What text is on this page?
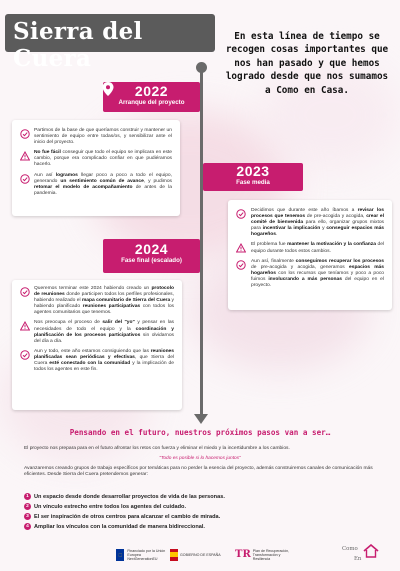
Sierra del Cuera
En esta línea de tiempo se recogen cosas importantes que nos han pasado y que hemos logrado desde que nos sumamos a Como en Casa.
2022
Arranque del proyecto
Partimos de la base de que queríamos construir y mantener un sentimiento de equipo entre todas/os, y sensibilizar ante el inicio del proyecto.
No fue fácil conseguir que todo el equipo se implicara en este cambio, porque era complicado confiar en que pudiéramos hacerlo.
Aun así logramos llegar poco a poco a todo el equipo, generando un sentimiento común de avance, y pudimos retomar el modelo de acompañamiento de antes de la pandemia.
2023
Fase media
Decidimos que durante este año íbamos a revisar los procesos que tenemos de pre-acogida y acogida, crear el comité de bienvenida para ello, organizar grupos mixtos para incentivar la implicación y conseguir espacios más hogareños.
El problema fue mantener la motivación y la confianza del equipo durante todos estos cambios.
Aun así, finalmente conseguimos recuperar los procesos de pre-acogida y acogida, generamos espacios más hogareños con los recursos que teníamos y poco a poco fuimos involucrando a más personas del equipo en el proyecto.
2024
Fase final (escalado)
Queremos terminar este 2024 habiendo creado un protocolo de reuniones donde participen todos los perfiles profesionales, habiendo realizado el mapa comunitario de Sierra del Cuera y habiendo planificado reuniones participativas con todos los agentes comunitarios que tenemos.
Nos preocupa el proceso de salir del "yo" y pensar en las necesidades de todo el equipo y la coordinación y planificación de los procesos participativos sin olvidarnos del día a día.
Aun y todo, este año estamos consiguiendo que las reuniones planificadas sean periódicas y efectivas, que Sierra del Cuera esté conectado con la comunidad y la implicación de todos los agentes en este fin.
Pensando en el futuro, nuestros próximos pasos van a ser…
El proyecto nos prepara para en el futuro afrontar los retos con fuerza y eliminar el miedo y la incertidumbre a los cambios.
"Todo es posible si lo hacemos juntos"
Avanzaremos creando grupos de trabajo específicos por temáticas para no perder la esencia del proyecto, además construiremos canales de comunicación más eficientes. Desde Sierra del Cuera pretendemos generar:
1 Un espacio desde donde desarrollar proyectos de vida de las personas.
2 Un vínculo estrecho entre todos los agentes del cuidado.
3 El ser inspiración de otros centros para alcanzar el cambio de mirada.
4 Ampliar los vínculos con la comunidad de manera bidireccional.
Financiado por la Unión Europea NextGenerationEU
GOBIERNO DE ESPAÑA TR Plan de Recuperación, Transformación y Resiliencia
Como
En
